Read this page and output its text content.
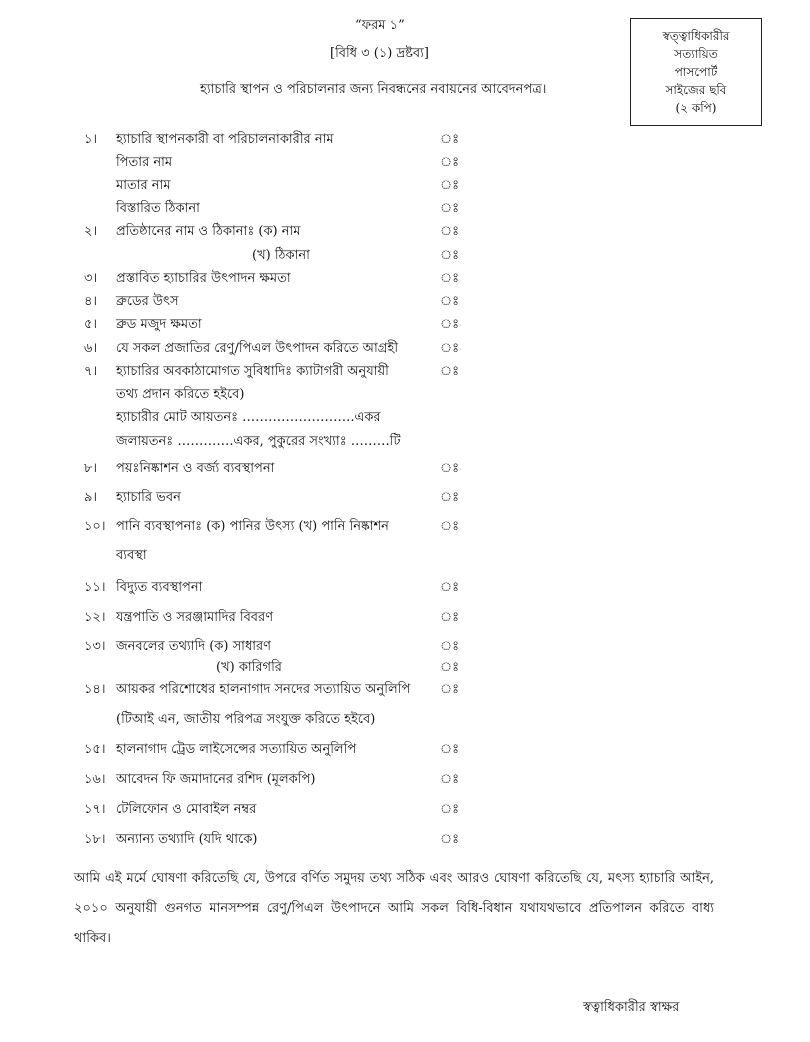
“ফরম ১”
[বিধি ৩ (১) দ্রষ্টব্য]
হ্যাচারি স্থাপন ও পরিচালনার জন্য নিবন্ধনের নবায়নের আবেদনপত্র।
স্বত্ত্বাধিকারীর
সত্যায়িত
পাসপোর্ট
সাইজের ছবি
(২ কপি)
১। হ্যাচারি স্থাপনকারী বা পরিচালনাকারীর নাম	ঃ
পিতার নাম	ঃ
মাতার নাম	ঃ
বিস্তারিত ঠিকানা	ঃ
২। প্রতিষ্ঠানের নাম ও ঠিকানাঃ (ক) নাম	ঃ
(খ) ঠিকানা	ঃ
৩। প্রস্তাবিত হ্যাচারির উৎপাদন ক্ষমতা	ঃ
৪। ব্রুডের উৎস	ঃ
৫। ব্রুড মজুদ ক্ষমতা	ঃ
৬। যে সকল প্রজাতির রেণু/পিএল উৎপাদন করিতে আগ্রহী	ঃ
৭। হ্যাচারির অবকাঠামোগত সুবিধাদিঃ ক্যাটাগরী অনুযায়ী	ঃ
তথ্য প্রদান করিতে হইবে)
হ্যাচারীর মোট আয়তনঃ ……………………..একর
জলায়তনঃ ………….একর, পুকুরের সংখ্যাঃ ………টি
৮। পয়ঃনিষ্কাশন ও বর্জ্য ব্যবস্থাপনা	ঃ
৯। হ্যাচারি ভবন	ঃ
১০। পানি ব্যবস্থাপনাঃ (ক) পানির উৎস্য (খ) পানি নিষ্কাশন	ঃ
ব্যবস্থা
১১। বিদ্যুত ব্যবস্থাপনা	ঃ
১২। যন্ত্রপাতি ও সরঞ্জামাদির বিবরণ	ঃ
১৩। জনবলের তথ্যাদি (ক) সাধারণ	ঃ
(খ) কারিগরি	ঃ
১৪। আয়কর পরিশোধের হালনাগাদ সনদের সত্যায়িত অনুলিপি ঃ
(টিআই এন, জাতীয় পরিপত্র সংযুক্ত করিতে হইবে)
১৫। হালনাগাদ ট্রেড লাইসেন্সের সত্যায়িত অনুলিপি	ঃ
১৬। আবেদন ফি জমাদানের রশিদ (মূলকপি)	ঃ
১৭। টেলিফোন ও মোবাইল নম্বর	ঃ
১৮। অন্যান্য তথ্যাদি (যদি থাকে)	ঃ
আমি এই মর্মে ঘোষণা করিতেছি যে, উপরে বর্ণিত সমুদয় তথ্য সঠিক এবং আরও ঘোষণা করিতেছি যে, মৎস্য হ্যাচারি আইন, ২০১০ অনুযায়ী গুনগত মানসম্পন্ন রেণু/পিএল উৎপাদনে আমি সকল বিধি-বিধান যথাযথভাবে প্রতিপালন করিতে বাধ্য থাকিব।
স্বত্বাধিকারীর স্বাক্ষর
